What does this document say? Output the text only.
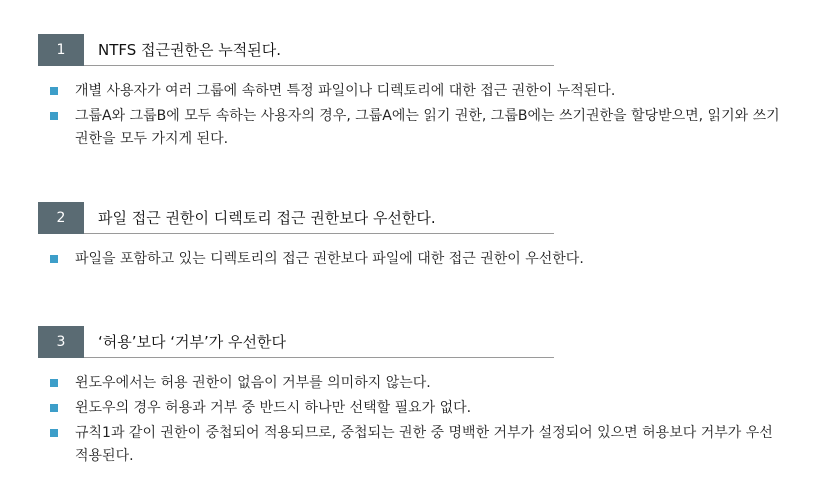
1	NTFS 접근권한은 누적된다.
개별 사용자가 여러 그룹에 속하면 특정 파일이나 디렉토리에 대한 접근 권한이 누적된다.
그룹A와 그룹B에 모두 속하는 사용자의 경우, 그룹A에는 읽기 권한, 그룹B에는 쓰기권한을 할당받으면, 읽기와 쓰기 권한을 모두 가지게 된다.
2	파일 접근 권한이 디렉토리 접근 권한보다 우선한다.
파일을 포함하고 있는 디렉토리의 접근 권한보다 파일에 대한 접근 권한이 우선한다.
3	‘허용’보다 ‘거부’가 우선한다
윈도우에서는 허용 권한이 없음이 거부를 의미하지 않는다.
윈도우의 경우 허용과 거부 중 반드시 하나만 선택할 필요가 없다.
규칙1과 같이 권한이 중첩되어 적용되므로, 중첩되는 권한 중 명백한 거부가 설정되어 있으면 허용보다 거부가 우선 적용된다.
